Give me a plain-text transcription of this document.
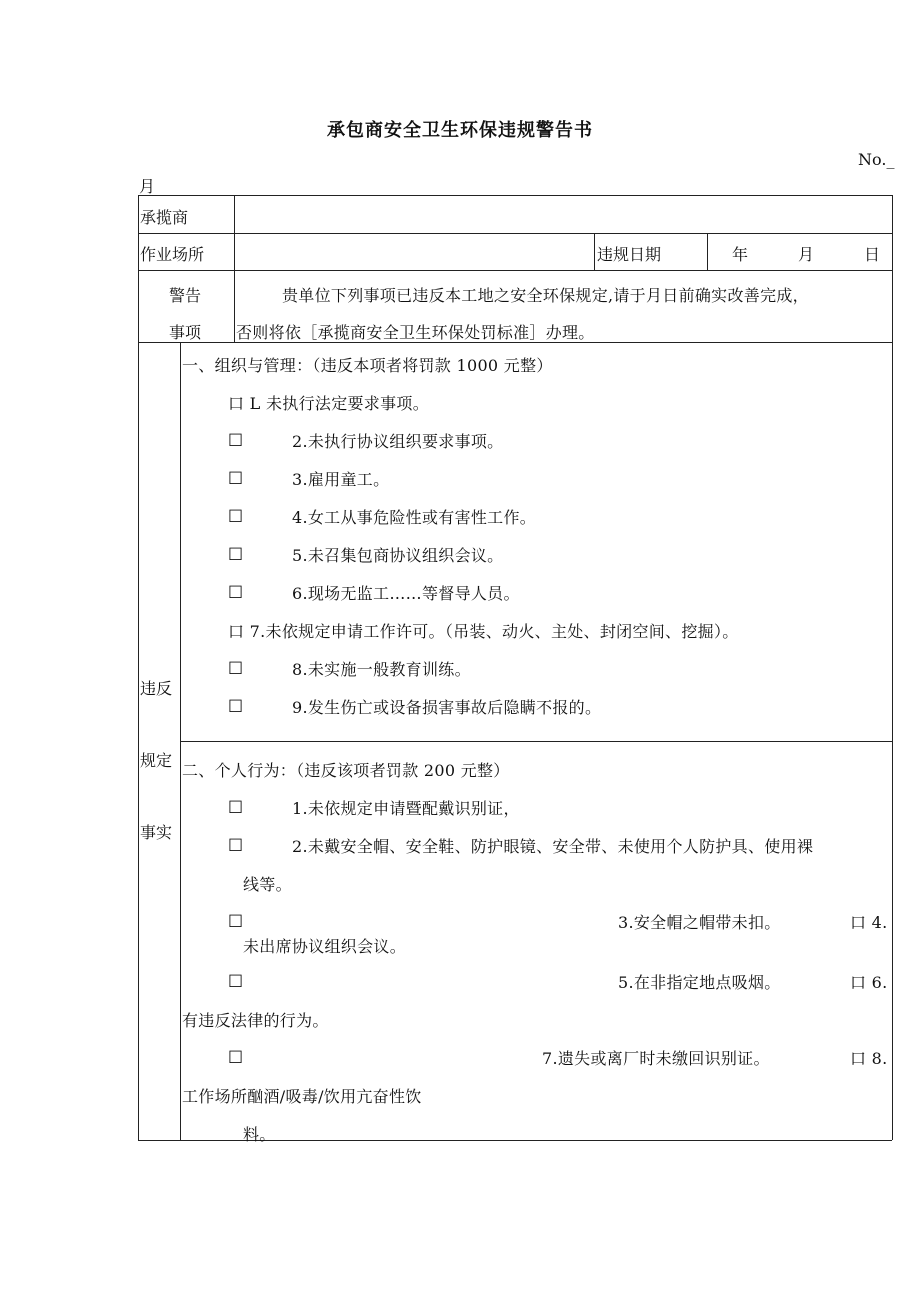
承包商安全卫生环保违规警告书
No._
月
承揽商
作业场所	违规日期	年	月	日
警告
事项
贵单位下列事项已违反本工地之安全环保规定,请于月日前确实改善完成，
否则将依［承揽商安全卫生环保处罚标准］办理。
违反
规定
事实
一、组织与管理：（违反本项者将罚款 1000 元整）
口 L 未执行法定要求事项。
□	2.未执行协议组织要求事项。
□	3.雇用童工。
□	4.女工从事危险性或有害性工作。
□	5.未召集包商协议组织会议。
□	6.现场无监工……等督导人员。
口 7.未依规定申请工作许可。（吊装、动火、主处、封闭空间、挖掘）。
□	8.未实施一般教育训练。
□	9.发生伤亡或设备损害事故后隐瞒不报的。
二、个人行为：（违反该项者罚款 200 元整）
□	1.未依规定申请暨配戴识别证，
□	2.未戴安全帽、安全鞋、防护眼镜、安全带、未使用个人防护具、使用裸
线等。
□	3.安全帽之帽带未扣。	口 4.
未出席协议组织会议。
□	5.在非指定地点吸烟。	口 6.
有违反法律的行为。
□	7.遗失或离厂时未缴回识别证。	口 8.
工作场所酗酒/吸毒/饮用亢奋性饮
料。
